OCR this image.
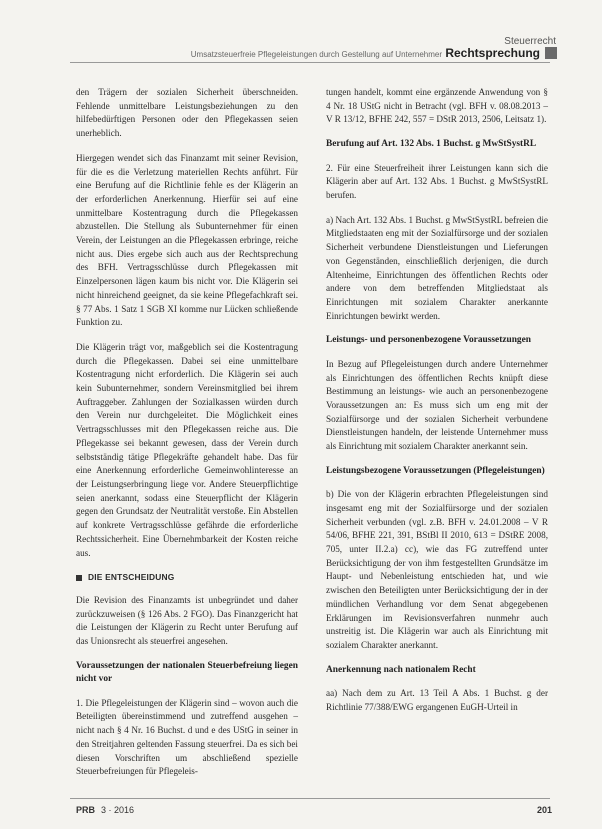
Steuerrecht
Umsatzsteuerfreie Pflegeleistungen durch Gestellung auf Unternehmer Rechtsprechung

den Trägern der sozialen Sicherheit überschneiden. Fehlende unmittelbare Leistungsbeziehungen zu den hilfebedürftigen Personen oder den Pflegekassen seien unerheblich.

Hiergegen wendet sich das Finanzamt mit seiner Revision, für die es die Verletzung materiellen Rechts anführt. Für eine Berufung auf die Richtlinie fehle es der Klägerin an der erforderlichen Anerkennung. Hierfür sei auf eine unmittelbare Kostentragung durch die Pflegekassen abzustellen. Die Stellung als Subunternehmer für einen Verein, der Leistungen an die Pflegekassen erbringe, reiche nicht aus. Dies ergebe sich auch aus der Rechtsprechung des BFH. Vertragsschlüsse durch Pflegekassen mit Einzelpersonen lägen kaum bis nicht vor. Die Klägerin sei nicht hinreichend geeignet, da sie keine Pflegefachkraft sei. § 77 Abs. 1 Satz 1 SGB XI komme nur Lücken schließende Funktion zu.

Die Klägerin trägt vor, maßgeblich sei die Kostentragung durch die Pflegekassen. Dabei sei eine unmittelbare Kostentragung nicht erforderlich. Die Klägerin sei auch kein Subunternehmer, sondern Vereinsmitglied bei ihrem Auftraggeber. Zahlungen der Sozialkassen würden durch den Verein nur durchgeleitet. Die Möglichkeit eines Vertragsschlusses mit den Pflegekassen reiche aus. Die Pflegekasse sei bekannt gewesen, dass der Verein durch selbstständig tätige Pflegekräfte gehandelt habe. Das für eine Anerkennung erforderliche Gemeinwohlinteresse an der Leistungserbringung liege vor. Andere Steuerpflichtige seien anerkannt, sodass eine Steuerpflicht der Klägerin gegen den Grundsatz der Neutralität verstoße. Ein Abstellen auf konkrete Vertragsschlüsse gefährde die erforderliche Rechtssicherheit. Eine Übernehmbarkeit der Kosten reiche aus.

DIE ENTSCHEIDUNG

Die Revision des Finanzamts ist unbegründet und daher zurückzuweisen (§ 126 Abs. 2 FGO). Das Finanzgericht hat die Leistungen der Klägerin zu Recht unter Berufung auf das Unionsrecht als steuerfrei angesehen.

Voraussetzungen der nationalen Steuerbefreiung liegen nicht vor

1. Die Pflegeleistungen der Klägerin sind – wovon auch die Beteiligten übereinstimmend und zutreffend ausgehen – nicht nach § 4 Nr. 16 Buchst. d und e des UStG in seiner in den Streitjahren geltenden Fassung steuerfrei. Da es sich bei diesen Vorschriften um abschließend spezielle Steuerbefreiungen für Pflegeleis-

tungen handelt, kommt eine ergänzende Anwendung von § 4 Nr. 18 UStG nicht in Betracht (vgl. BFH v. 08.08.2013 – V R 13/12, BFHE 242, 557 = DStR 2013, 2506, Leitsatz 1).

Berufung auf Art. 132 Abs. 1 Buchst. g MwStSystRL

2. Für eine Steuerfreiheit ihrer Leistungen kann sich die Klägerin aber auf Art. 132 Abs. 1 Buchst. g MwStSystRL berufen.

a) Nach Art. 132 Abs. 1 Buchst. g MwStSystRL befreien die Mitgliedstaaten eng mit der Sozialfürsorge und der sozialen Sicherheit verbundene Dienstleistungen und Lieferungen von Gegenständen, einschließlich derjenigen, die durch Altenheime, Einrichtungen des öffentlichen Rechts oder andere von dem betreffenden Mitgliedstaat als Einrichtungen mit sozialem Charakter anerkannte Einrichtungen bewirkt werden.

Leistungs- und personenbezogene Voraussetzungen

In Bezug auf Pflegeleistungen durch andere Unternehmer als Einrichtungen des öffentlichen Rechts knüpft diese Bestimmung an leistungs- wie auch an personenbezogene Voraussetzungen an: Es muss sich um eng mit der Sozialfürsorge und der sozialen Sicherheit verbundene Dienstleistungen handeln, der leistende Unternehmer muss als Einrichtung mit sozialem Charakter anerkannt sein.

Leistungsbezogene Voraussetzungen (Pflegeleistungen)

b) Die von der Klägerin erbrachten Pflegeleistungen sind insgesamt eng mit der Sozialfürsorge und der sozialen Sicherheit verbunden (vgl. z.B. BFH v. 24.01.2008 – V R 54/06, BFHE 221, 391, BStBl II 2010, 613 = DStRE 2008, 705, unter II.2.a) cc), wie das FG zutreffend unter Berücksichtigung der von ihm festgestellten Grundsätze im Haupt- und Nebenleistung entschieden hat, und wie zwischen den Beteiligten unter Berücksichtigung der in der mündlichen Verhandlung vor dem Senat abgegebenen Erklärungen im Revisionsverfahren nunmehr auch unstreitig ist. Die Klägerin war auch als Einrichtung mit sozialem Charakter anerkannt.

Anerkennung nach nationalem Recht

aa) Nach dem zu Art. 13 Teil A Abs. 1 Buchst. g der Richtlinie 77/388/EWG ergangenen EuGH-Urteil in

PRB 3 · 2016	201
